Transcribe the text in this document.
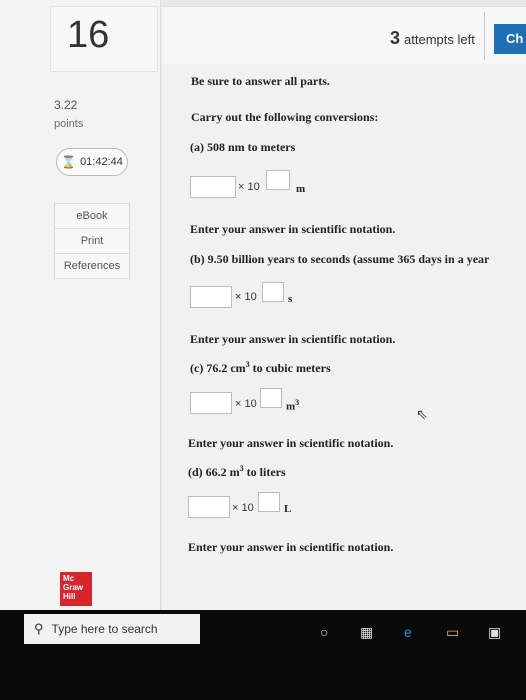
16
3.22
points
⌛ 01:42:44
eBook
Print
References
Mc
Graw
Hill
3 attempts left	Ch
Be sure to answer all parts.
Carry out the following conversions:
(a) 508 nm to meters
× 10	m
Enter your answer in scientific notation.
(b) 9.50 billion years to seconds (assume 365 days in a year
× 10	s
Enter your answer in scientific notation.
(c) 76.2 $cm^3$ to cubic meters
× 10	$m^3$
⇖
Enter your answer in scientific notation.
(d) 66.2 $m^3$ to liters
× 10	L
Enter your answer in scientific notation.
⚲ Type here to search	○ ▦ e ▭ ▣
